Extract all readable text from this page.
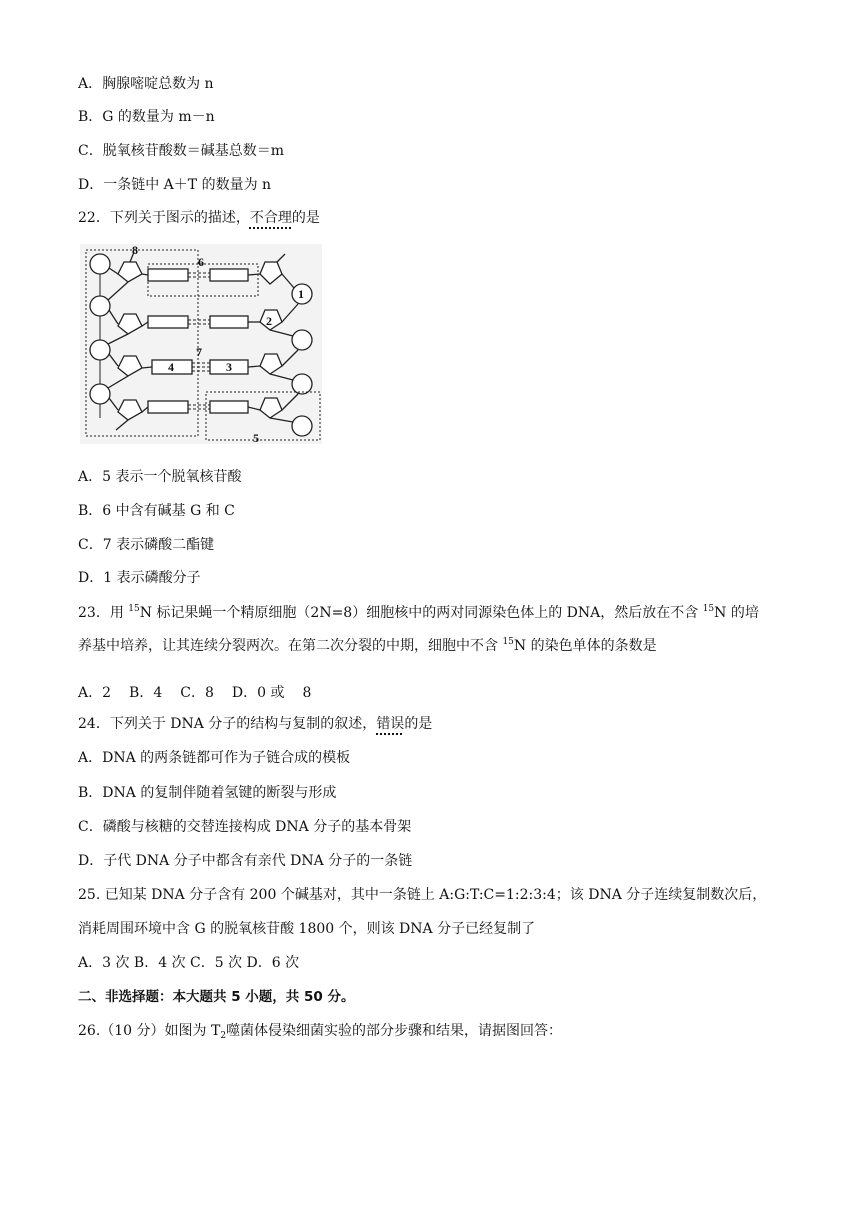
A．胸腺嘧啶总数为 n
B．G 的数量为 m－n
C．脱氧核苷酸数＝碱基总数＝m
D．一条链中 A＋T 的数量为 n
22．下列关于图示的描述，不合理的是
1
2
3
4
5
6
7
8
A．5 表示一个脱氧核苷酸
B．6 中含有碱基 G 和 C
C．7 表示磷酸二酯键
D．1 表示磷酸分子
23．用 $^{15}$N 标记果蝇一个精原细胞（2N=8）细胞核中的两对同源染色体上的 DNA，然后放在不含 $^{15}$N 的培
养基中培养，让其连续分裂两次。在第二次分裂的中期，细胞中不含 $^{15}$N 的染色单体的条数是
A．2 B．4 C．8 D．0 或 8
24．下列关于 DNA 分子的结构与复制的叙述，错误的是
A．DNA 的两条链都可作为子链合成的模板
B．DNA 的复制伴随着氢键的断裂与形成
C．磷酸与核糖的交替连接构成 DNA 分子的基本骨架
D．子代 DNA 分子中都含有亲代 DNA 分子的一条链
25. 已知某 DNA 分子含有 200 个碱基对，其中一条链上 A:G:T:C=1:2:3:4；该 DNA 分子连续复制数次后，
消耗周围环境中含 G 的脱氧核苷酸 1800 个，则该 DNA 分子已经复制了
A．3 次 B．4 次 C．5 次 D．6 次
二、非选择题：本大题共 5 小题，共 50 分。
26.（10 分）如图为 $T_2$噬菌体侵染细菌实验的部分步骤和结果，请据图回答：
